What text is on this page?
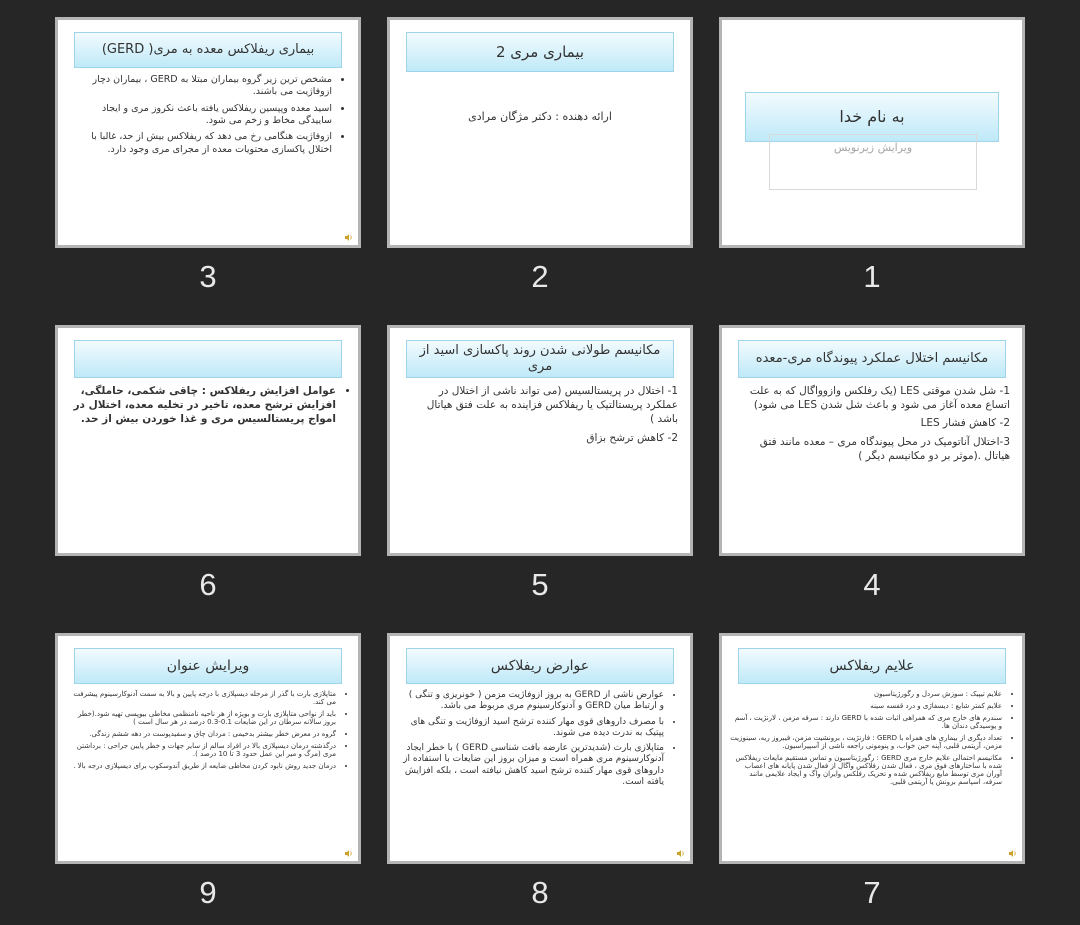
به نام خدا
ویرایش زیرنویس
1
بیماری مری 2
ارائه دهنده : دکتر مژگان مرادی
2
بیماری ریفلاکس معده به مری( GERD)
• مشخص ترین زیر گروه بیماران مبتلا به GERD ، بیماران دچار ازوفاژیت می باشند.
• اسید معده وپپسین ریفلاکس یافته باعث نکروز مری و ایجاد ساییدگی مخاط و زخم می شود.
• ازوفاژیت هنگامی رخ می دهد که ریفلاکس بیش از حد، غالبا با اختلال پاکسازی محتویات معده از مجرای مری وجود دارد.
3
مکانیسم اختلال عملکرد پیوندگاه مری-معده
1- شل شدن موقتی LES (یک رفلکس وازوواگال که به علت اتساع معده آغاز می شود و باعث شل شدن LES می شود)
2- کاهش فشار LES
3-اختلال آناتومیک در محل پیوندگاه مری – معده مانند فتق هیاتال .(موثر بر دو مکانیسم دیگر )
4
مکانیسم طولانی شدن روند پاکسازی اسید از مری
1- اختلال در پریستالسیس (می تواند ناشی از اختلال در عملکرد پریستالتیک یا ریفلاکس فزاینده به علت فتق هیاتال باشد )
2- کاهش ترشح بزاق
5
• عوامل افزایش ریفلاکس : چاقی شکمی، حاملگی، افزایش ترشح معده، تاخیر در تخلیه معده، اختلال در امواج پریستالسیس مری و غذا خوردن بیش از حد.
6
علایم ریفلاکس
• علایم تیپیک : سوزش سردل و رگورژیتاسیون
• علایم کمتر شایع : دیسفاژی و درد قفسه سینه
• سندرم های خارج مری که همراهی اثبات شده با GERD دارند : سرفه مزمن ، لارنژیت ، آسم و پوسیدگی دندان ها.
• تعداد دیگری از بیماری های همراه با GERD : فارنژیت ، برونشیت مزمن، فیبروز ریه، سینوزیت مزمن، آریتمی قلبی، آپنه حین خواب، و پنومونی راجعه ناشی از آسپیراسیون.
• مکانیسم احتمالی علایم خارج مری GERD : رگورژیتاسیون و تماس مستقیم مایعات ریفلاکس شده با ساختارهای فوق مری ، فعال شدن رفلاکس واگال از فعال شدن پایانه های اعصاب آوران مری توسط مایع ریفلاکس شده و تحریک رفلکس وایران واگ و ایجاد علایمی مانند سرفه، اسپاسم برونش یا آریتمی قلبی.
7
عوارض ریفلاکس
• عوارض ناشی از GERD به بروز ازوفاژیت مزمن ( خونریزی و تنگی ) و ارتباط میان GERD و آدنوکارسینوم مری مربوط می باشد.
• با مصرف داروهای قوی مهار کننده ترشح اسید ازوفاژیت و تنگی های پپتیک به ندرت دیده می شوند.
• متاپلازی بارت (شدیدترین عارضه بافت شناسی GERD ) با خطر ایجاد آدنوکارسینوم مری همراه است و میزان بروز این ضایعات با استفاده از داروهای قوی مهار کننده ترشح اسید کاهش نیافته است ، بلکه افزایش یافته است.
8
ویرایش عنوان
• متاپلازی بارت با گذر از مرحله دیسپلازی با درجه پایین و بالا به سمت آدنوکارسینوم پیشرفت می کند.
• باید از نواحی متاپلازی بارت و بویژه از هر ناحیه نامنظمی مخاطی بیوپسی تهیه شود.(خطر بروز سالانه سرطان در این ضایعات 0.1-0.3 درصد در هر سال است )
• گروه در معرض خطر بیشتر بدخیمی : مردان چاق و سفیدپوست در دهه ششم زندگی.
• درگذشته درمان دیسپلازی بالا در افراد سالم از سایر جهات و خطر پایین جراحی : برداشتن مری (مرگ و میر این عمل حدود 3 تا 10 درصد ).
• درمان جدید روش نابود کردن مخاطی ضایعه از طریق آندوسکوپ برای دیسپلازی درجه بالا .
9
